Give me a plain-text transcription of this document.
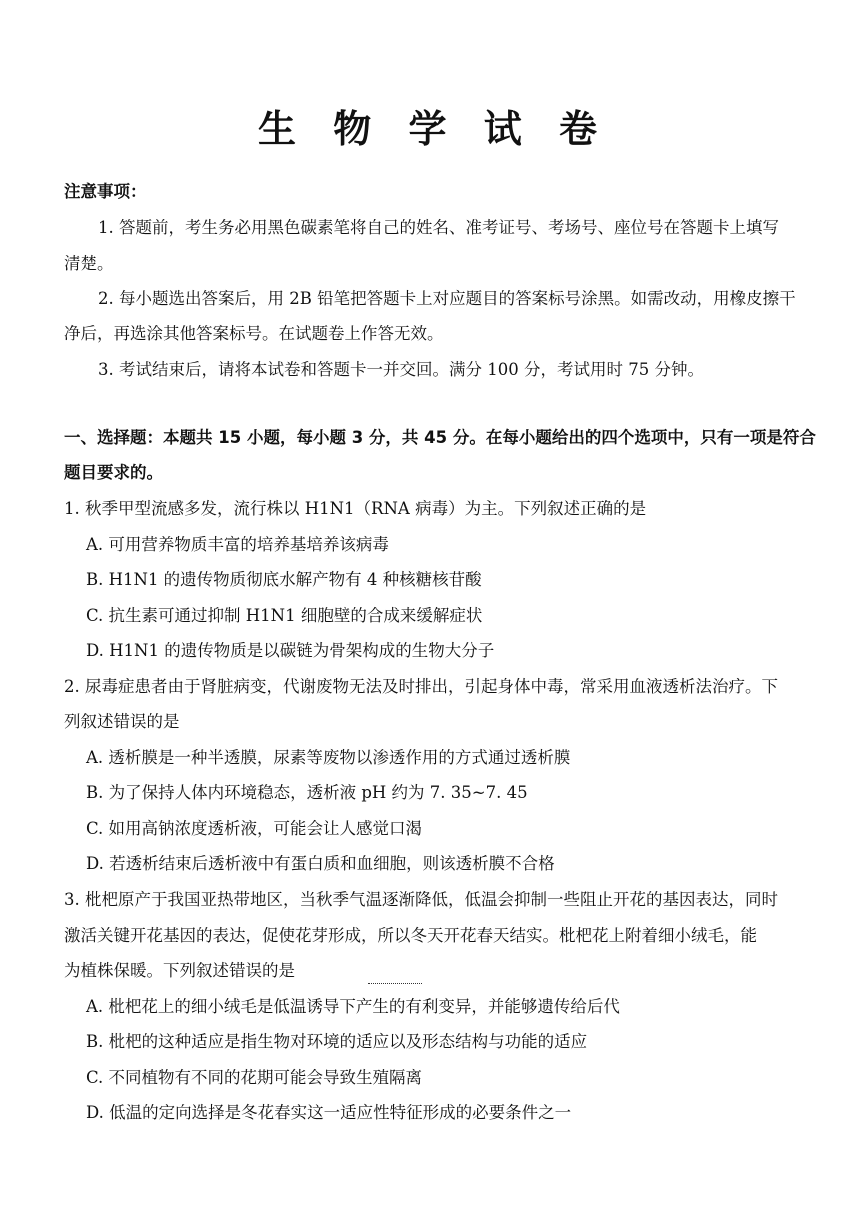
生 物 学 试 卷
注意事项：
1. 答题前，考生务必用黑色碳素笔将自己的姓名、准考证号、考场号、座位号在答题卡上填写
清楚。
2. 每小题选出答案后，用 2B 铅笔把答题卡上对应题目的答案标号涂黑。如需改动，用橡皮擦干
净后，再选涂其他答案标号。在试题卷上作答无效。
3. 考试结束后，请将本试卷和答题卡一并交回。满分 100 分，考试用时 75 分钟。
一、选择题：本题共 15 小题，每小题 3 分，共 45 分。在每小题给出的四个选项中，只有一项是符合
题目要求的。
1. 秋季甲型流感多发，流行株以 H1N1（RNA 病毒）为主。下列叙述正确的是
A. 可用营养物质丰富的培养基培养该病毒
B. H1N1 的遗传物质彻底水解产物有 4 种核糖核苷酸
C. 抗生素可通过抑制 H1N1 细胞壁的合成来缓解症状
D. H1N1 的遗传物质是以碳链为骨架构成的生物大分子
2. 尿毒症患者由于肾脏病变，代谢废物无法及时排出，引起身体中毒，常采用血液透析法治疗。下
列叙述错误的是
A. 透析膜是一种半透膜，尿素等废物以渗透作用的方式通过透析膜
B. 为了保持人体内环境稳态，透析液 pH 约为 7. 35~7. 45
C. 如用高钠浓度透析液，可能会让人感觉口渴
D. 若透析结束后透析液中有蛋白质和血细胞，则该透析膜不合格
3. 枇杷原产于我国亚热带地区，当秋季气温逐渐降低，低温会抑制一些阻止开花的基因表达，同时
激活关键开花基因的表达，促使花芽形成，所以冬天开花春天结实。枇杷花上附着细小绒毛，能
为植株保暖。下列叙述错误的是
A. 枇杷花上的细小绒毛是低温诱导下产生的有利变异，并能够遗传给后代
B. 枇杷的这种适应是指生物对环境的适应以及形态结构与功能的适应
C. 不同植物有不同的花期可能会导致生殖隔离
D. 低温的定向选择是冬花春实这一适应性特征形成的必要条件之一
